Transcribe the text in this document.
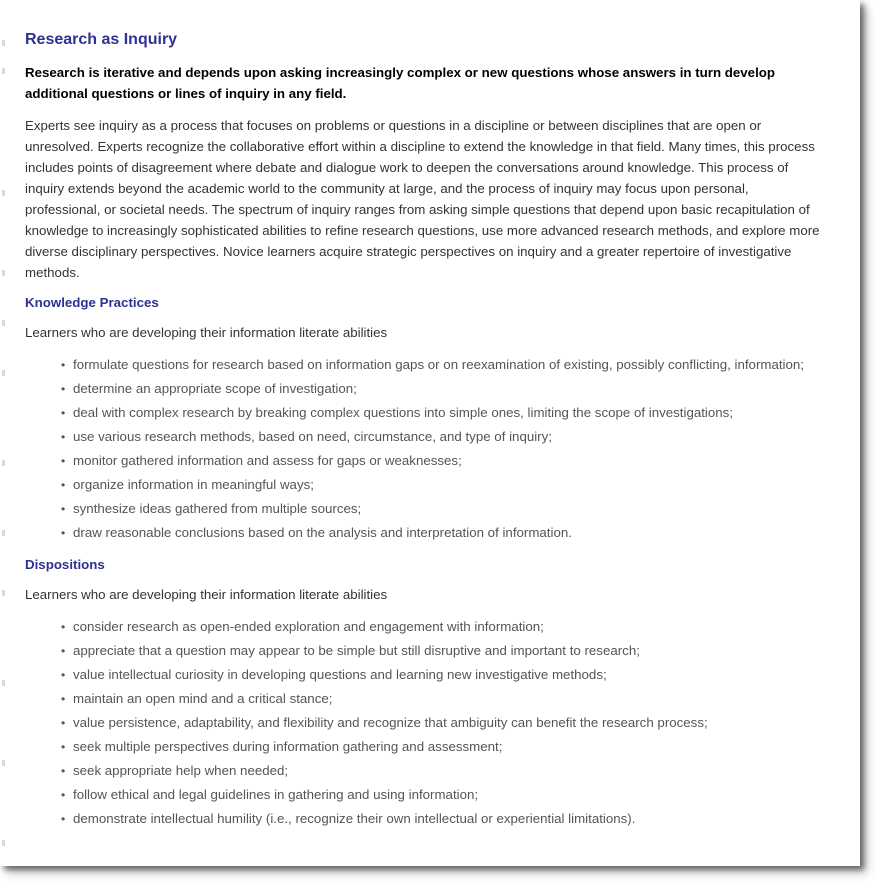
Research as Inquiry

Research is iterative and depends upon asking increasingly complex or new questions whose answers in turn develop additional questions or lines of inquiry in any field.

Experts see inquiry as a process that focuses on problems or questions in a discipline or between disciplines that are open or unresolved. Experts recognize the collaborative effort within a discipline to extend the knowledge in that field. Many times, this process includes points of disagreement where debate and dialogue work to deepen the conversations around knowledge. This process of inquiry extends beyond the academic world to the community at large, and the process of inquiry may focus upon personal, professional, or societal needs. The spectrum of inquiry ranges from asking simple questions that depend upon basic recapitulation of knowledge to increasingly sophisticated abilities to refine research questions, use more advanced research methods, and explore more diverse disciplinary perspectives. Novice learners acquire strategic perspectives on inquiry and a greater repertoire of investigative methods.

Knowledge Practices

Learners who are developing their information literate abilities

• formulate questions for research based on information gaps or on reexamination of existing, possibly conflicting, information;
• determine an appropriate scope of investigation;
• deal with complex research by breaking complex questions into simple ones, limiting the scope of investigations;
• use various research methods, based on need, circumstance, and type of inquiry;
• monitor gathered information and assess for gaps or weaknesses;
• organize information in meaningful ways;
• synthesize ideas gathered from multiple sources;
• draw reasonable conclusions based on the analysis and interpretation of information.
Dispositions

Learners who are developing their information literate abilities

• consider research as open-ended exploration and engagement with information;
• appreciate that a question may appear to be simple but still disruptive and important to research;
• value intellectual curiosity in developing questions and learning new investigative methods;
• maintain an open mind and a critical stance;
• value persistence, adaptability, and flexibility and recognize that ambiguity can benefit the research process;
• seek multiple perspectives during information gathering and assessment;
• seek appropriate help when needed;
• follow ethical and legal guidelines in gathering and using information;
• demonstrate intellectual humility (i.e., recognize their own intellectual or experiential limitations).
